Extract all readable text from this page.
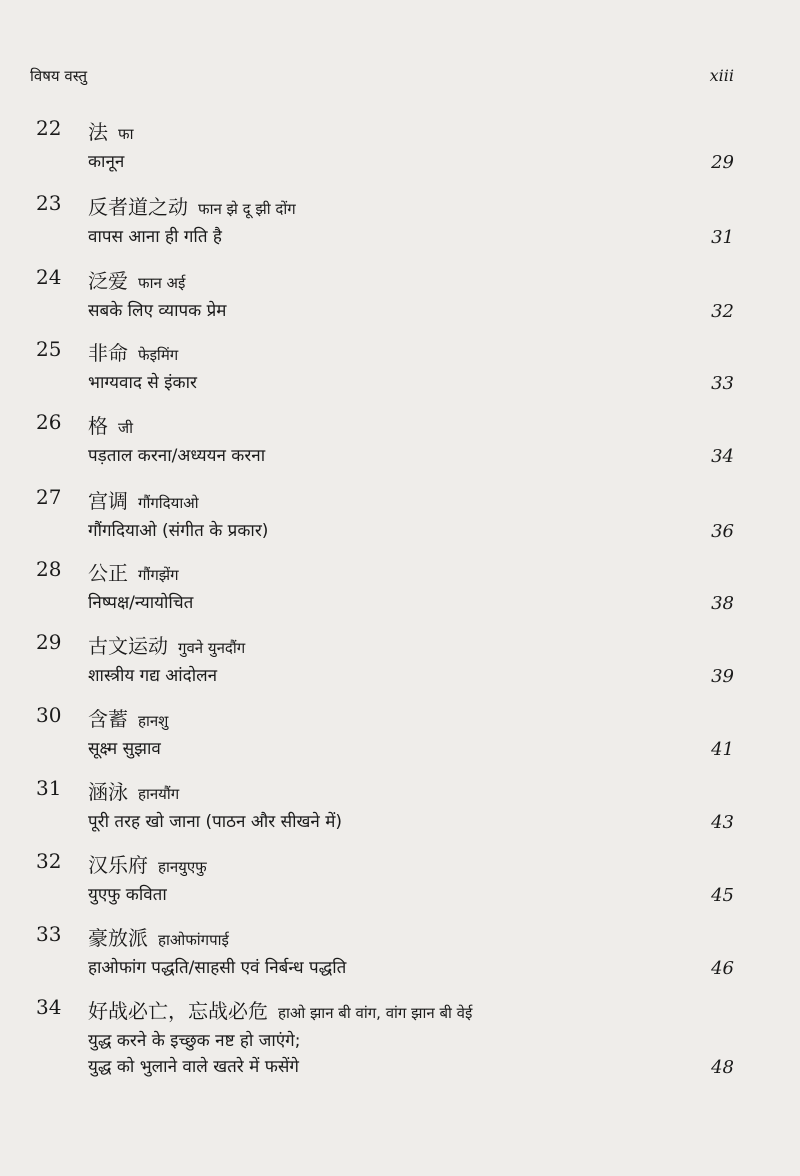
विषय वस्तु	xiii
22 法 फा
कानून	29
23 反者道之动 फान झे दू झी दोंग
वापस आना ही गति है	31
24 泛爱 फान अई
सबके लिए व्यापक प्रेम	32
25 非命 फेइमिंग
भाग्यवाद से इंकार	33
26 格 जी
पड़ताल करना/अध्ययन करना	34
27 宫调 गौंगदियाओ
गौंगदियाओ (संगीत के प्रकार)	36
28 公正 गौंगझेंग
निष्पक्ष/न्यायोचित	38
29 古文运动 गुवने युनदौंग
शास्त्रीय गद्य आंदोलन	39
30 含蓄 हानशु
सूक्ष्म सुझाव	41
31 涵泳 हानयौंग
पूरी तरह खो जाना (पाठन और सीखने में)	43
32 汉乐府 हानयुएफु
युएफु कविता	45
33 豪放派 हाओफांगपाई
हाओफांग पद्धति/साहसी एवं निर्बन्ध पद्धति	46
34 好战必亡，忘战必危 हाओ झान बी वांग, वांग झान बी वेई
युद्ध करने के इच्छुक नष्ट हो जाएंगे;
युद्ध को भुलाने वाले खतरे में फसेंगे	48
